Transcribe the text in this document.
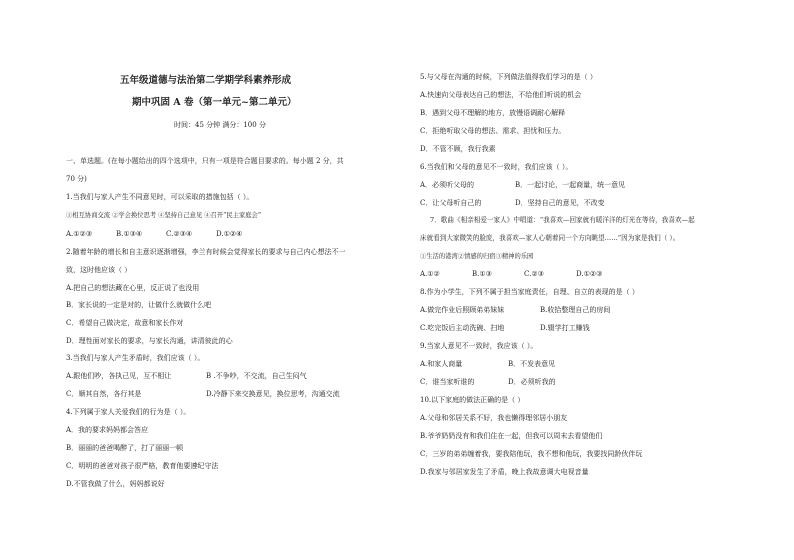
五年级道德与法治第二学期学科素养形成
期中巩固 A 卷（第一单元~第二单元）
时间：45 分钟 满分：100 分
一、单选题。(在每小题给出的四个选项中，只有一项是符合题目要求的。每小题 2 分，共
70 分)
1.当我们与家人产生不同意见时，可以采取的措施包括（ ）。
①相互协商交流 ②学会换位思考 ④坚持自己意见 ④召开“民主家庭会”
A.①②③	B.①③④	C.②③④	D.①②④
2.随着年龄的增长和自主意识逐渐增强，李兰有时候会觉得家长的要求与自己内心想法不一
致，这时他应该（ ）
A.把自己的想法藏在心里，反正说了也没用
B．家长说的一定是对的，让做什么就做什么吧
C．希望自己做决定，故意和家长作对
D．理性面对家长的要求，与家长沟通，讲清彼此的心
3.当我们与家人产生矛盾时，我们应该（ ）。
A.跟他们吵，各执己见，互不相让	B .不争吵，不交流，自己生闷气
C．顺其自然，各行其是	D.冷静下来交换意见，换位思考，沟通交流
4.下列属于家人关爱我们的行为是（ ）。
A．我的要求妈妈都会答应
B．丽丽的爸爸喝醉了，打了丽丽一顿
C．明明的爸爸对孩子很严格，教育他要遵纪守法
D.不管我做了什么，妈妈都说好
5.与父母在沟通的时候，下列做法值得我们学习的是（ ）
A.快速向父母表达自己的想法，不给他们听说的机会
B．遇到父母不理解的地方，放慢语调耐心解释
C．拒绝听取父母的想法、需求、担忧和压力。
D．不管不顾，我行我素
6.当我们和父母的意见不一致时，我们应该（ ）。
A．必须听父母的	B．一起讨论，一起商量，统一意见
C．让父母听自己的	D．坚持自己的意见，不改变
7．歌曲《相亲相爱一家人》中唱道：“我喜欢—回家就有暖洋洋的灯光在等待，我喜欢—起
床就看到大家微笑的脸庞，我喜欢—家人心朝着同一个方向眺望……”因为家是我们（ ）。
①生活的港湾②情感的归宿③精神的乐园
A.①②	B.①③	C.②③	D.①②③
8.作为小学生，下列不属于担当家庭责任，自理、自立的表现的是（ ）
A.做完作业后照顾弟弟妹妹	B.收拾整理自己的房间
C.吃完饭后主动洗碗、扫地	D.辍学打工赚钱
9.当家人意见不一致时，我应该（ ）。
A.和家人商量	B．不发表意见
C．谁当家听谁的	D．必须听我的
10.以下家庭的做法正确的是（ ）
A.父母和邻居关系不好，我也懒得理邻居小朋友
B.爷爷奶奶没有和我们住在一起，但我可以周末去看望他们
C．三岁的弟弟缠着我，要我陪他玩，我不想和他玩，我要找同龄伙伴玩
D.我家与邻居家发生了矛盾，晚上我故意调大电视音量
